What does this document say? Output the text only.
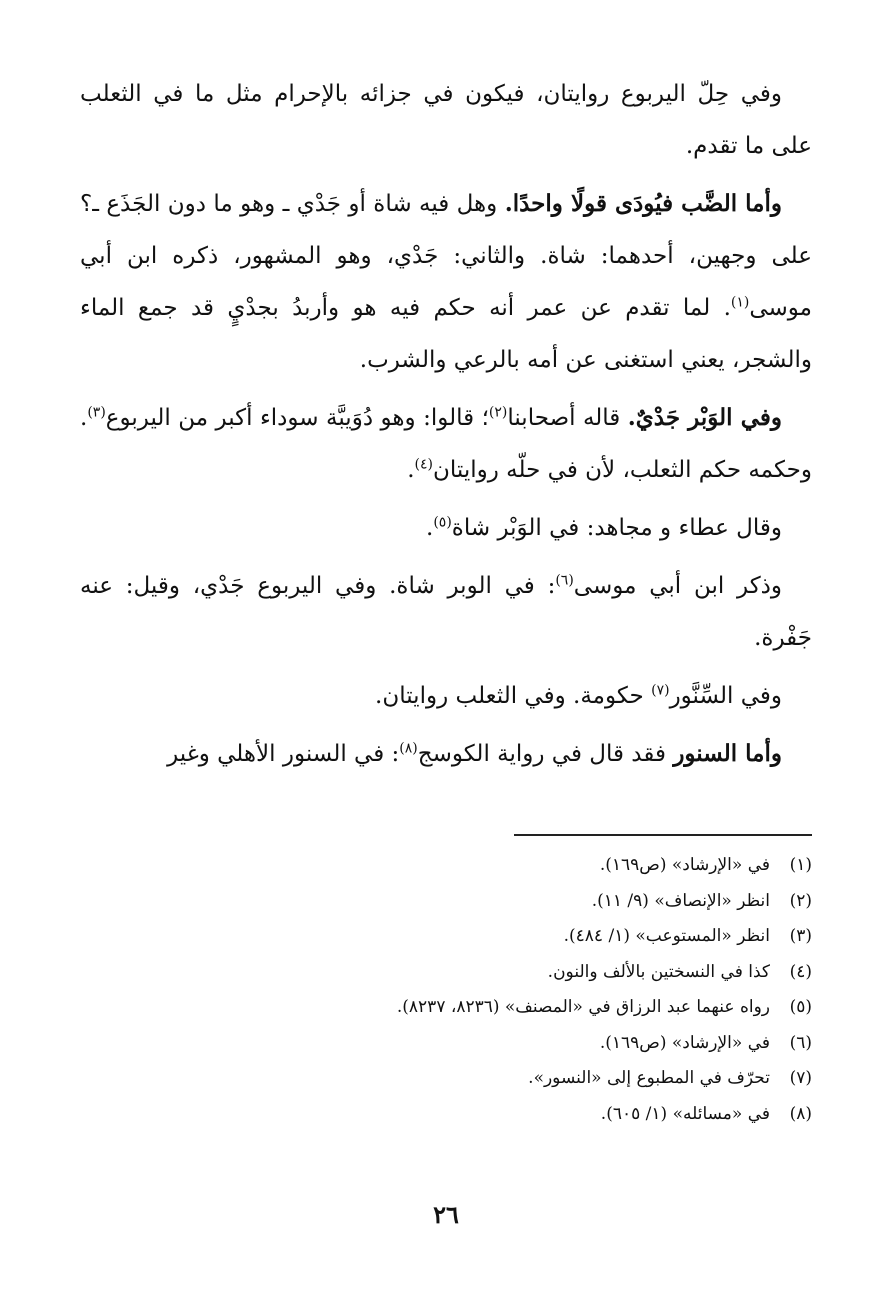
وفي حِلّ اليربوع روايتان، فيكون في جزائه بالإحرام مثل ما في الثعلب على ما تقدم.

وأما الضَّب فيُودَى قولًا واحدًا. وهل فيه شاة أو جَدْي ـ وهو ما دون الجَذَع ـ؟ على وجهين، أحدهما: شاة. والثاني: جَدْي، وهو المشهور، ذكره ابن أبي موسى$^{(١)}$. لما تقدم عن عمر أنه حكم فيه هو وأربدُ بجدْيٍ قد جمع الماء والشجر، يعني استغنى عن أمه بالرعي والشرب.

وفي الوَبْر جَدْيٌ. قاله أصحابنا$^{(٢)}$؛ قالوا: وهو دُوَيبَّة سوداء أكبر من اليربوع$^{(٣)}$. وحكمه حكم الثعلب، لأن في حلّه روايتان$^{(٤)}$.

وقال عطاء و مجاهد: في الوَبْر شاة$^{(٥)}$.

وذكر ابن أبي موسى$^{(٦)}$: في الوبر شاة. وفي اليربوع جَدْي، وقيل: عنه جَفْرة.

وفي السِّنَّور$^{(٧)}$ حكومة. وفي الثعلب روايتان.

وأما السنور فقد قال في رواية الكوسج$^{(٨)}$: في السنور الأهلي وغير

(١)في «الإرشاد» (ص١٦٩).
(٢)انظر «الإنصاف» (٩/ ١١).
(٣)انظر «المستوعب» (١/ ٤٨٤).
(٤)كذا في النسختين بالألف والنون.
(٥)رواه عنهما عبد الرزاق في «المصنف» (٨٢٣٦، ٨٢٣٧).
(٦)في «الإرشاد» (ص١٦٩).
(٧)تحرّف في المطبوع إلى «النسور».
(٨)في «مسائله» (١/ ٦٠٥).
٢٦
